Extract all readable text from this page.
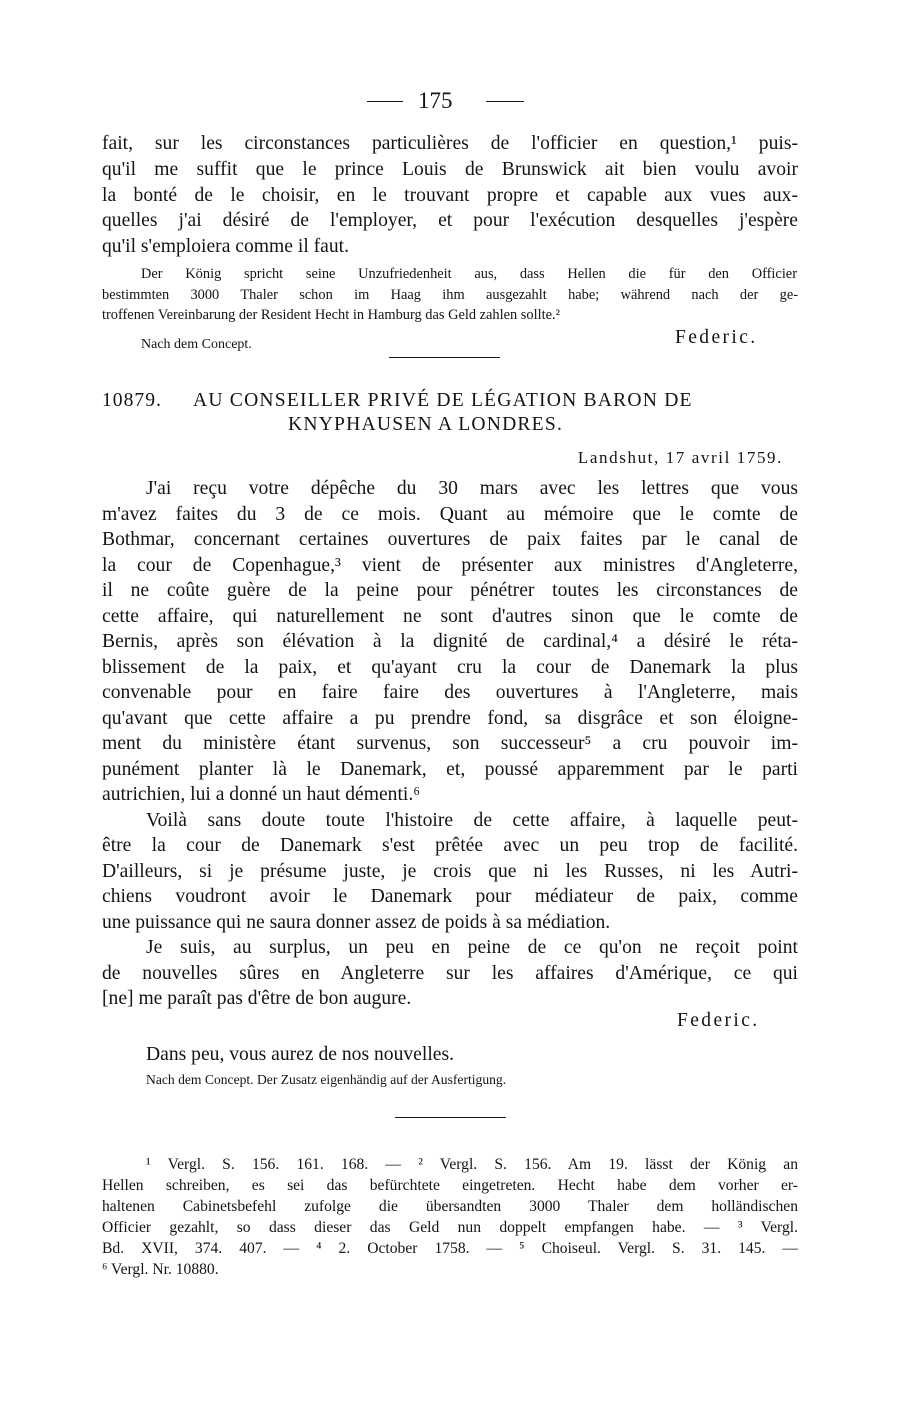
175
fait, sur les circonstances particulières de l'officier en question,¹ puis-
qu'il me suffit que le prince Louis de Brunswick ait bien voulu avoir
la bonté de le choisir, en le trouvant propre et capable aux vues aux-
quelles j'ai désiré de l'employer, et pour l'exécution desquelles j'espère
qu'il s'emploiera comme il faut.
Der König spricht seine Unzufriedenheit aus, dass Hellen die für den Officier
bestimmten 3000 Thaler schon im Haag ihm ausgezahlt habe; während nach der ge-
troffenen Vereinbarung der Resident Hecht in Hamburg das Geld zahlen sollte.²
Nach dem Concept.	Federic.
10879. AU CONSEILLER PRIVÉ DE LÉGATION BARON DE
KNYPHAUSEN A LONDRES.
Landshut, 17 avril 1759.
J'ai reçu votre dépêche du 30 mars avec les lettres que vous
m'avez faites du 3 de ce mois. Quant au mémoire que le comte de
Bothmar, concernant certaines ouvertures de paix faites par le canal de
la cour de Copenhague,³ vient de présenter aux ministres d'Angleterre,
il ne coûte guère de la peine pour pénétrer toutes les circonstances de
cette affaire, qui naturellement ne sont d'autres sinon que le comte de
Bernis, après son élévation à la dignité de cardinal,⁴ a désiré le réta-
blissement de la paix, et qu'ayant cru la cour de Danemark la plus
convenable pour en faire faire des ouvertures à l'Angleterre, mais
qu'avant que cette affaire a pu prendre fond, sa disgrâce et son éloigne-
ment du ministère étant survenus, son successeur⁵ a cru pouvoir im-
punément planter là le Danemark, et, poussé apparemment par le parti
autrichien, lui a donné un haut démenti.⁶
Voilà sans doute toute l'histoire de cette affaire, à laquelle peut-
être la cour de Danemark s'est prêtée avec un peu trop de facilité.
D'ailleurs, si je présume juste, je crois que ni les Russes, ni les Autri-
chiens voudront avoir le Danemark pour médiateur de paix, comme
une puissance qui ne saura donner assez de poids à sa médiation.
Je suis, au surplus, un peu en peine de ce qu'on ne reçoit point
de nouvelles sûres en Angleterre sur les affaires d'Amérique, ce qui
[ne] me paraît pas d'être de bon augure.
Federic.
Dans peu, vous aurez de nos nouvelles.
Nach dem Concept. Der Zusatz eigenhändig auf der Ausfertigung.
¹ Vergl. S. 156. 161. 168. — ² Vergl. S. 156. Am 19. lässt der König an
Hellen schreiben, es sei das befürchtete eingetreten. Hecht habe dem vorher er-
haltenen Cabinetsbefehl zufolge die übersandten 3000 Thaler dem holländischen
Officier gezahlt, so dass dieser das Geld nun doppelt empfangen habe. — ³ Vergl.
Bd. XVII, 374. 407. — ⁴ 2. October 1758. — ⁵ Choiseul. Vergl. S. 31. 145. —
⁶ Vergl. Nr. 10880.
